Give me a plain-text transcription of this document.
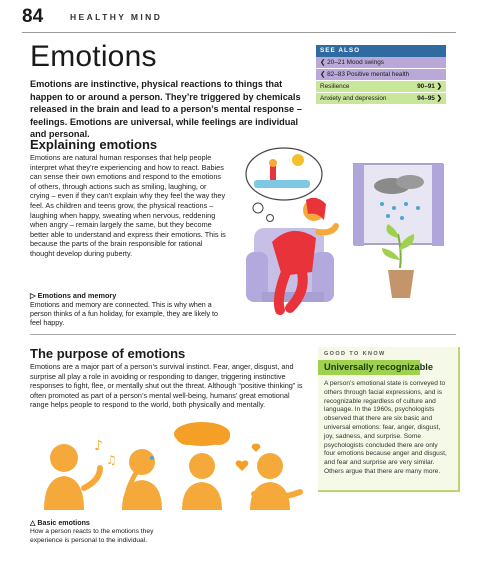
84	HEALTHY MIND
Emotions
Emotions are instinctive, physical reactions to things that happen to or around a person. They’re triggered by chemicals released in the brain and lead to a person’s mental response – feelings. Emotions are universal, while feelings are individual and personal.
SEE ALSO
❮ 20–21 Mood swings
❮ 82–83 Positive mental health
Resilience	90–91 ❯
Anxiety and depression	94–95 ❯
Explaining emotions
Emotions are natural human responses that help people interpret what they’re experiencing and how to react. Babies can sense their own emotions and respond to the emotions of others, through actions such as smiling, laughing, or crying – even if they can’t explain why they feel the way they feel. As children and teens grow, the physical reactions – laughing when happy, sweating when nervous, reddening when angry – remain largely the same, but they become better able to understand and express their emotions. This is because the parts of the brain responsible for rational thought develop during puberty.
▷ Emotions and memory
Emotions and memory are connected. This is why when a person thinks of a fun holiday, for example, they are likely to feel happy.
The purpose of emotions
Emotions are a major part of a person’s survival instinct. Fear, anger, disgust, and surprise all play a role in avoiding or responding to danger, triggering instinctive responses to fight, flee, or mentally shut out the threat. Although “positive thinking” is often promoted as part of a person’s mental well-being, humans’ great emotional range helps people to respond to the world, both physically and mentally.
GOOD TO KNOW
Universally recognizable
A person’s emotional state is conveyed to others through facial expressions, and is recognizable regardless of culture and language. In the 1960s, psychologists observed that there are six basic and universal emotions: fear, anger, disgust, joy, sadness, and surprise. Some psychologists concluded there are only four emotions because anger and disgust, and fear and surprise are very similar. Others argue that there are many more.
♪
♫
△ Basic emotions
How a person reacts to the emotions they experience is personal to the individual.
